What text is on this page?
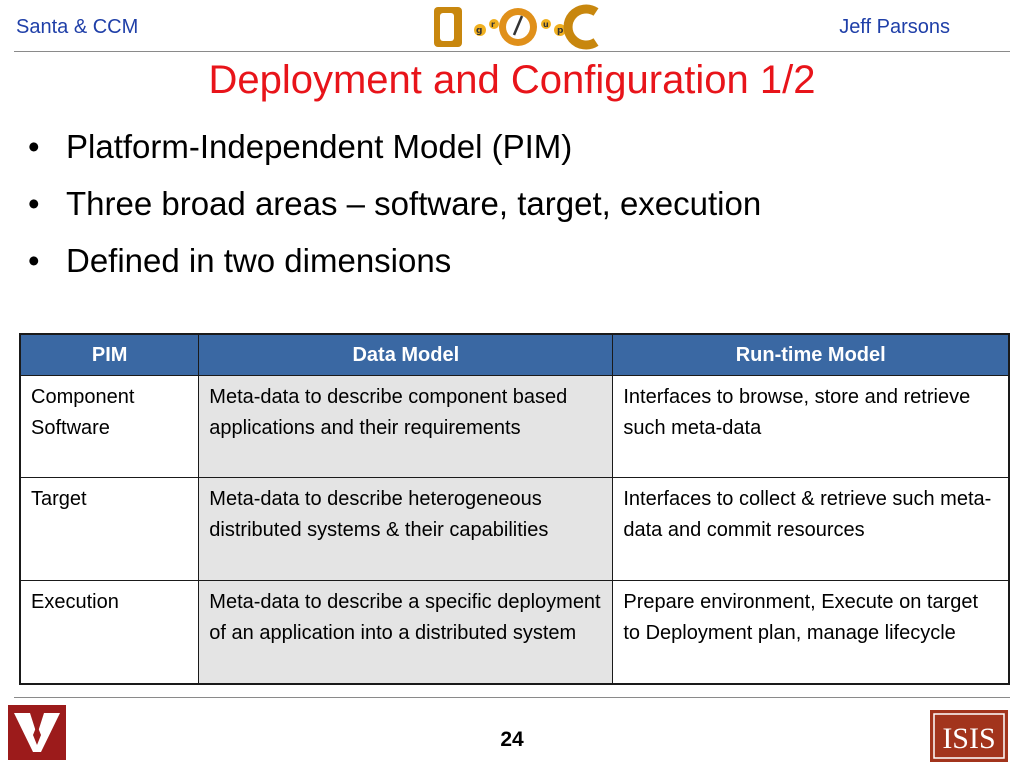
Santa & CCM	g
r	u
p	Jeff Parsons
Deployment and Configuration 1/2
• Platform-Independent Model (PIM)
• Three broad areas – software, target, execution
• Defined in two dimensions
PIM	Data Model	Run-time Model
Component Software	Meta-data to describe component based applications and their requirements	Interfaces to browse, store and retrieve such meta-data
Target	Meta-data to describe heterogeneous distributed systems & their capabilities	Interfaces to collect & retrieve such meta-data and commit resources
Execution	Meta-data to describe a specific deployment of an application into a distributed system	Prepare environment, Execute on target to Deployment plan, manage lifecycle
24	ISIS
